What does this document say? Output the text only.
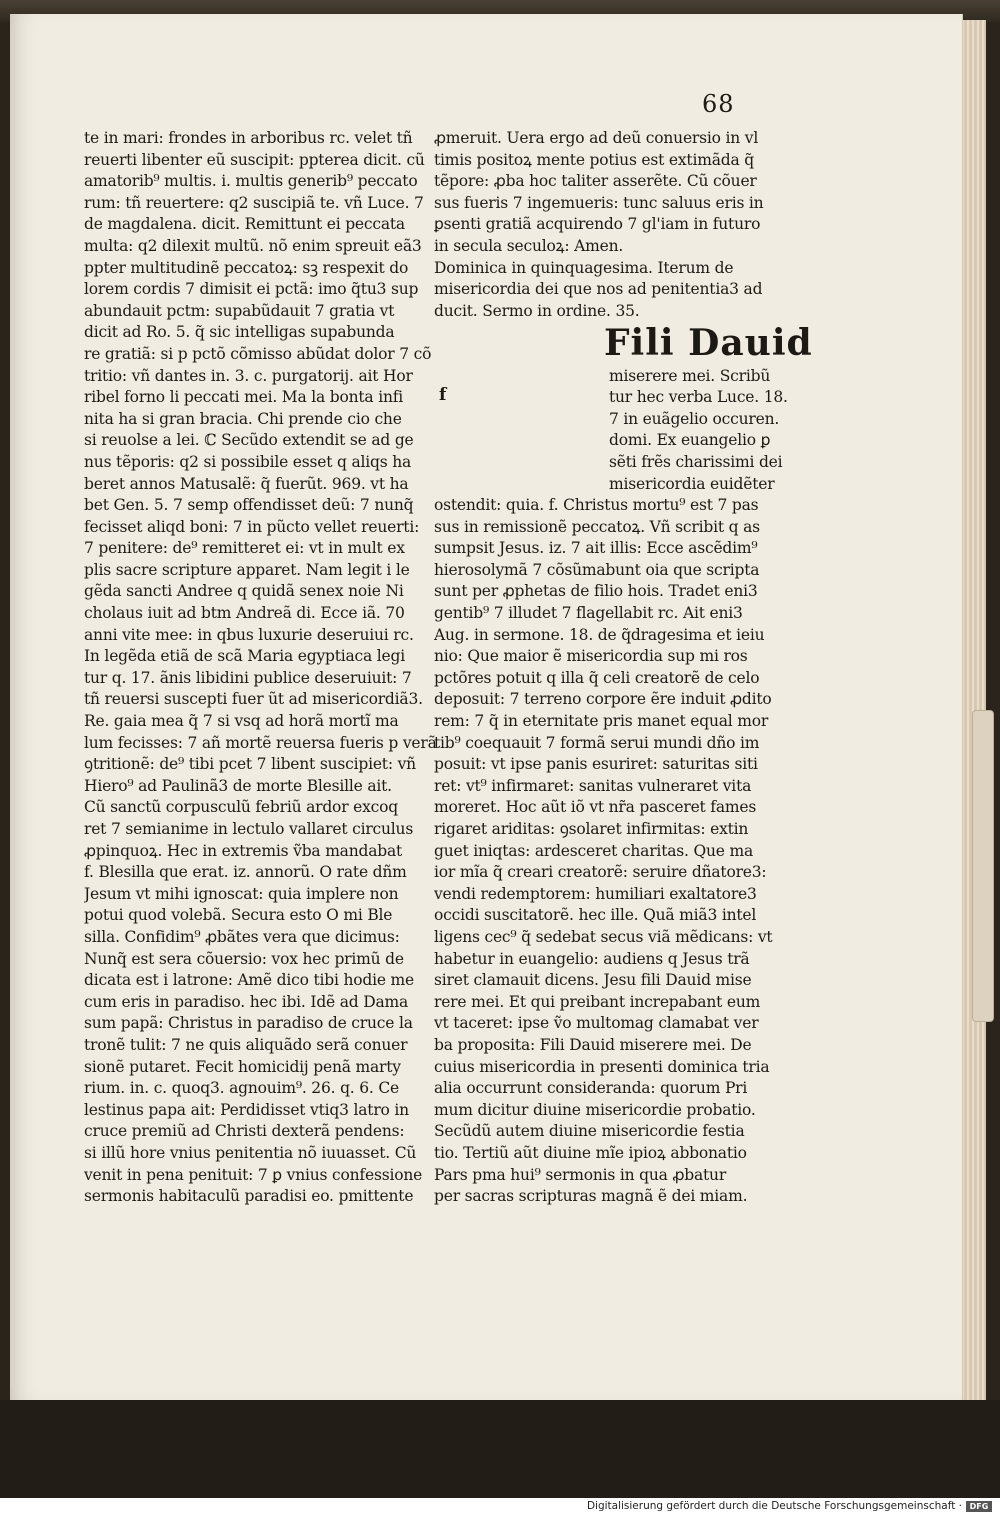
68
te in mari: frondes in arboribus rc. velet tñ
reuerti libenter eũ suscipit: ppterea dicit. cũ
amatorib⁹ multis. i. multis generib⁹ peccato
rum: tñ reuertere: q2 suscipiã te. vñ Luce. 7
de magdalena. dicit. Remittunt ei peccata
multa: q2 dilexit multũ. nõ enim spreuit eã3
ppter multitudinẽ peccatoꝝ: sꝫ respexit do
lorem cordis 7 dimisit ei pctã: imo q̃tu3 sup
abundauit pctm: supabũdauit 7 gratia vt
dicit ad Ro. 5. q̃ sic intelligas supabunda
re gratiã: si p pctõ cõmisso abũdat dolor 7 cõ
tritio: vñ dantes in. 3. c. purgatorij. ait Hor
ribel forno li peccati mei. Ma la bonta infi
nita ha si gran bracia. Chi prende cio che
si reuolse a lei. ℂ Secũdo extendit se ad ge
nus tẽporis: q2 si possibile esset q aliqs ha
beret annos Matusalẽ: q̃ fuerũt. 969. vt ha
bet Gen. 5. 7 semp offendisset deũ: 7 nunq̃
fecisset aliqd boni: 7 in pũcto vellet reuerti:
7 penitere: de⁹ remitteret ei: vt in mult ex
plis sacre scripture apparet. Nam legit i le
gẽda sancti Andree q quidã senex noie Ni
cholaus iuit ad btm Andreã di. Ecce iã. 70
anni vite mee: in qbus luxurie deseruiui rc.
In legẽda etiã de scã Maria egyptiaca legi
tur q. 17. ãnis libidini publice deseruiuit: 7
tñ reuersi suscepti fuer ũt ad misericordiã3.
Re. gaia mea q̃ 7 si vsq ad horã mortĩ ma
lum fecisses: 7 añ mortẽ reuersa fueris p verã
ꝯtritionẽ: de⁹ tibi pcet 7 libent suscipiet: vñ
Hiero⁹ ad Paulinã3 de morte Blesille ait.
Cũ sanctũ corpusculũ febriũ ardor excoq
ret 7 semianime in lectulo vallaret circulus
ꝓpinquoꝝ. Hec in extremis ṽba mandabat
f. Blesilla que erat. iz. annorũ. O rate dñm
Jesum vt mihi ignoscat: quia implere non
potui quod volebã. Secura esto O mi Ble
silla. Confidim⁹ ꝓbãtes vera que dicimus:
Nunq̃ est sera cõuersio: vox hec primũ de
dicata est i latrone: Amẽ dico tibi hodie me
cum eris in paradiso. hec ibi. Idẽ ad Dama
sum papã: Christus in paradiso de cruce la
tronẽ tulit: 7 ne quis aliquãdo serã conuer
sionẽ putaret. Fecit homicidij penã marty
rium. in. c. quoq3. agnouim⁹. 26. q. 6. Ce
lestinus papa ait: Perdidisset vtiq3 latro in
cruce premiũ ad Christi dexterã pendens:
si illũ hore vnius penitentia nõ iuuasset. Cũ
venit in pena penituit: 7 ꝑ vnius confessione
sermonis habitaculũ paradisi eo. pmittente
ꝓmeruit. Uera ergo ad deũ conuersio in vl
timis positoꝝ mente potius est extimãda q̃
tẽpore: ꝓba hoc taliter asserẽte. Cũ cõuer
sus fueris 7 ingemueris: tunc saluus eris in
ꝑsenti gratiã acquirendo 7 gl'iam in futuro
in secula seculoꝝ: Amen.
Dominica in quinquagesima. Iterum de
misericordia dei que nos ad penitentia3 ad
ducit. Sermo in ordine. 35.
Fili Dauid
miserere mei. Scribũ
tur hec verba Luce. 18.
7 in euãgelio occuren.
domi. Ex euangelio ꝑ
sẽti frẽs charissimi dei
misericordia euidẽter
ostendit: quia. f. Christus mortu⁹ est 7 pas
sus in remissionẽ peccatoꝝ. Vñ scribit q as
sumpsit Jesus. iz. 7 ait illis: Ecce ascẽdim⁹
hierosolymã 7 cõsũmabunt oia que scripta
sunt per ꝓphetas de filio hois. Tradet eni3
gentib⁹ 7 illudet 7 flagellabit rc. Ait eni3
Aug. in sermone. 18. de q̃dragesima et ieiu
nio: Que maior ẽ misericordia sup mi ros
pctõres potuit q illa q̃ celi creatorẽ de celo
deposuit: 7 terreno corpore ẽre induit ꝓdito
rem: 7 q̃ in eternitate pris manet equal mor
tib⁹ coequauit 7 formã serui mundi dño im
posuit: vt ipse panis esuriret: saturitas siti
ret: vt⁹ infirmaret: sanitas vulneraret vita
moreret. Hoc aũt iõ vt nr̃a pasceret fames
rigaret ariditas: ꝯsolaret infirmitas: extin
guet iniqtas: ardesceret charitas. Que ma
ior mĩa q̃ creari creatorẽ: seruire dñatore3:
vendi redemptorem: humiliari exaltatore3
occidi suscitatorẽ. hec ille. Quã miã3 intel
ligens cec⁹ q̃ sedebat secus viã mẽdicans: vt
habetur in euangelio: audiens q Jesus trã
siret clamauit dicens. Jesu fili Dauid mise
rere mei. Et qui preibant increpabant eum
vt taceret: ipse ṽo multomag clamabat ver
ba proposita: Fili Dauid miserere mei. De
cuius misericordia in presenti dominica tria
alia occurrunt consideranda: quorum Pri
mum dicitur diuine misericordie probatio.
Secũdũ autem diuine misericordie festia
tio. Tertiũ aũt diuine mĩe ipioꝝ abbonatio
Pars pma hui⁹ sermonis in qua ꝓbatur
per sacras scripturas magnã ẽ dei miam.
f
Digitalisierung gefördert durch die Deutsche Forschungsgemeinschaft · DFG
